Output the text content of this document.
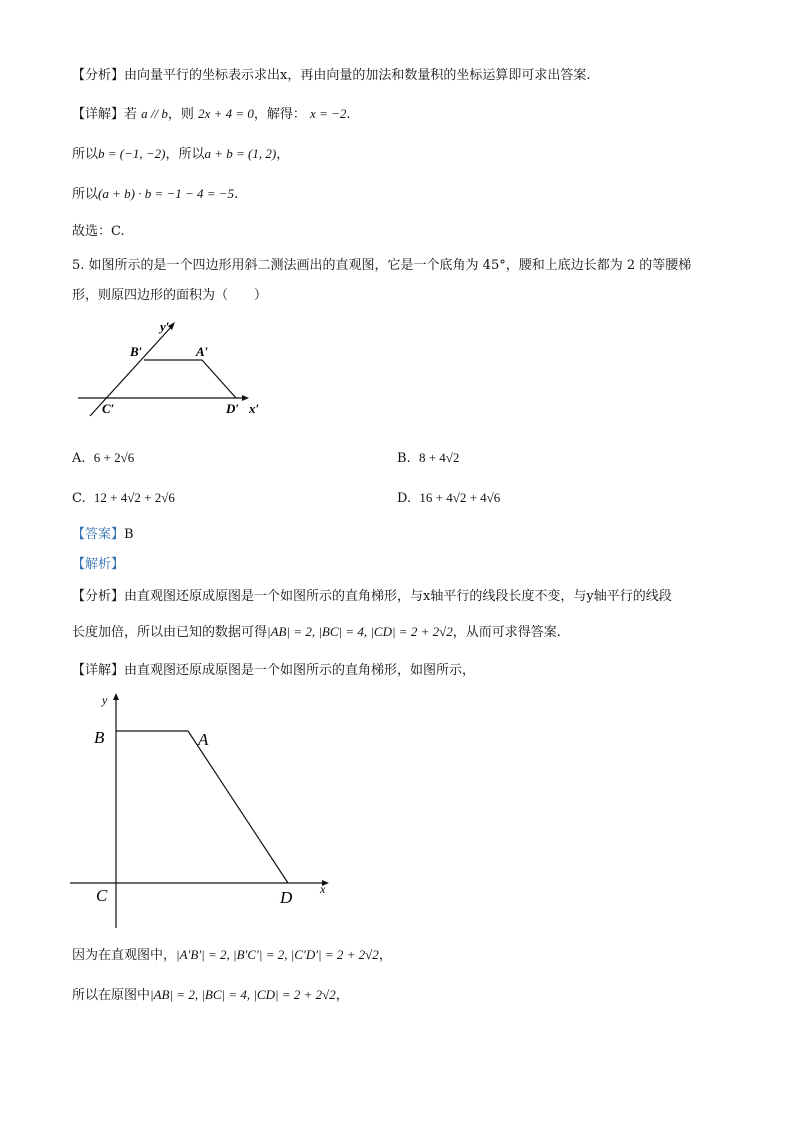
【分析】由向量平行的坐标表示求出x，再由向量的加法和数量积的坐标运算即可求出答案.
【详解】若 a // b，则 2x + 4 = 0，解得： x = −2.
所以b = (−1, −2)，所以a + b = (1, 2)，
所以(a + b) · b = −1 − 4 = −5.
故选：C.
5. 如图所示的是一个四边形用斜二测法画出的直观图，它是一个底角为 45°，腰和上底边长都为 2 的等腰梯
形，则原四边形的面积为（　　）
y′
B′	A′
C′	D′ x′
A. 6 + 2√6	B. 8 + 4√2
C. 12 + 4√2 + 2√6	D. 16 + 4√2 + 4√6
【答案】B
【解析】
【分析】由直观图还原成原图是一个如图所示的直角梯形，与x轴平行的线段长度不变，与y轴平行的线段
长度加倍，所以由已知的数据可得|AB| = 2, |BC| = 4, |CD| = 2 + 2√2，从而可求得答案.
【详解】由直观图还原成原图是一个如图所示的直角梯形，如图所示，
y
B	A
C	D x
因为在直观图中，|A′B′| = 2, |B′C′| = 2, |C′D′| = 2 + 2√2，
所以在原图中|AB| = 2, |BC| = 4, |CD| = 2 + 2√2，
